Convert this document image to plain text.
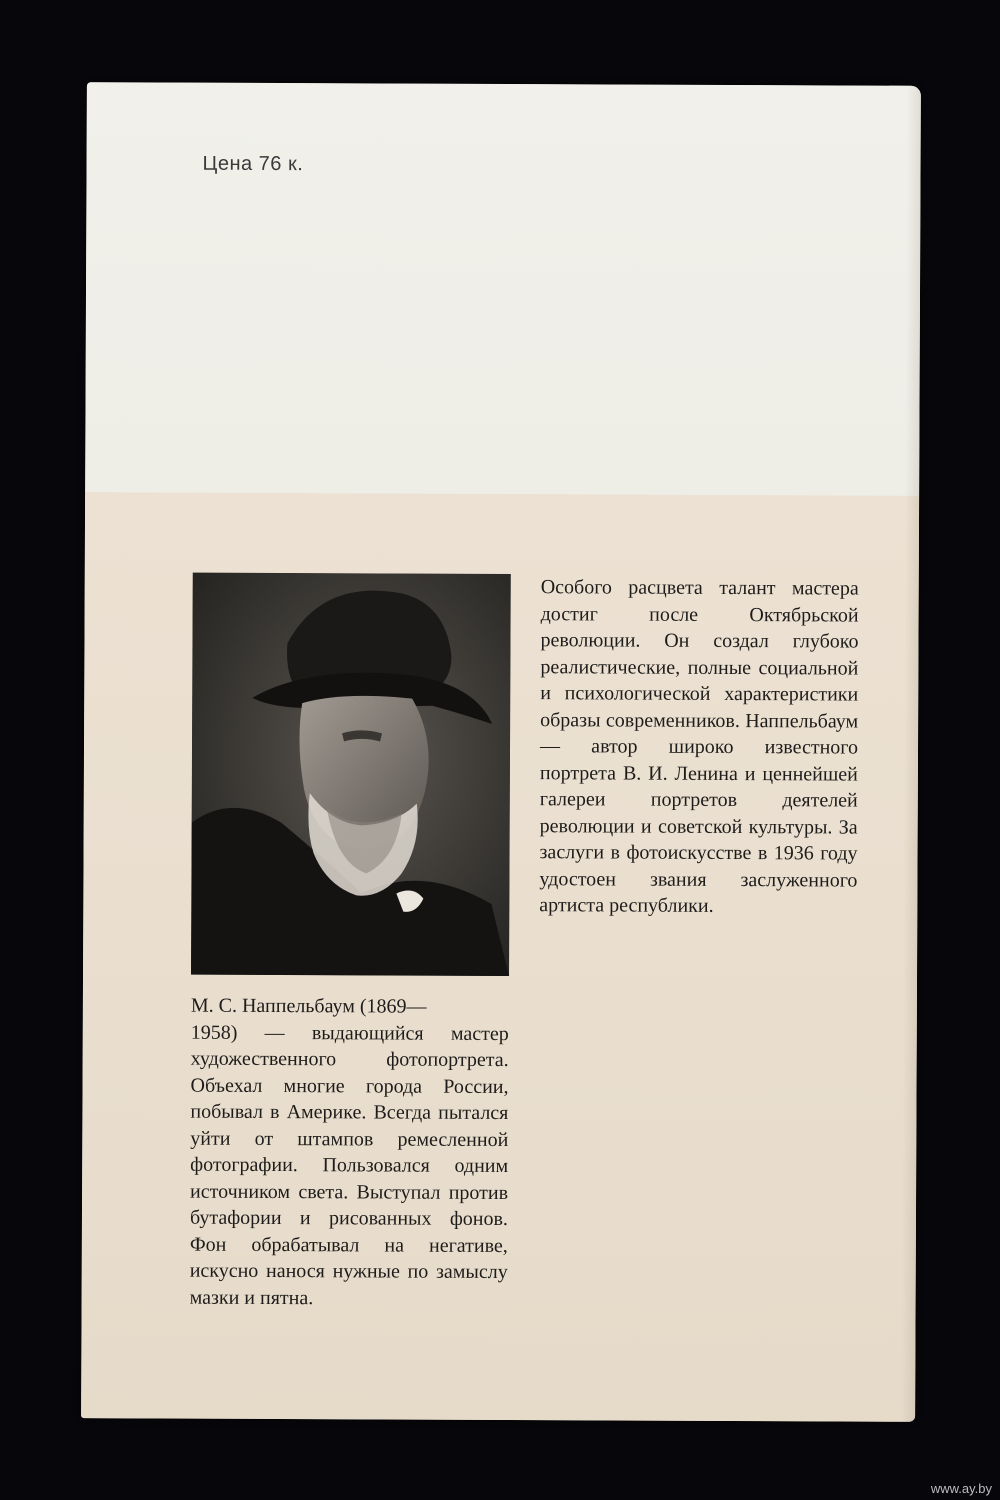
Цена 76 к.
М. С. Наппельбаум (1869—
1958) — выдающийся мастер художественного фотопортрета. Объехал многие города России, побывал в Америке. Всегда пытался уйти от штампов ремесленной фотографии. Пользовался одним источником света. Выступал против бутафории и рисованных фонов. Фон обрабатывал на негативе, искусно нанося нужные по замыслу мазки и пятна.
Особого расцвета талант мастера достиг после Октябрьской революции. Он создал глубоко реалистические, полные социальной и психологической характеристики образы современников. Наппельбаум — автор широко известного портрета В. И. Ленина и ценнейшей галереи портретов деятелей революции и советской культуры. За заслуги в фотоискусстве в 1936 году удостоен звания заслуженного артиста республики.
www.ay.by
